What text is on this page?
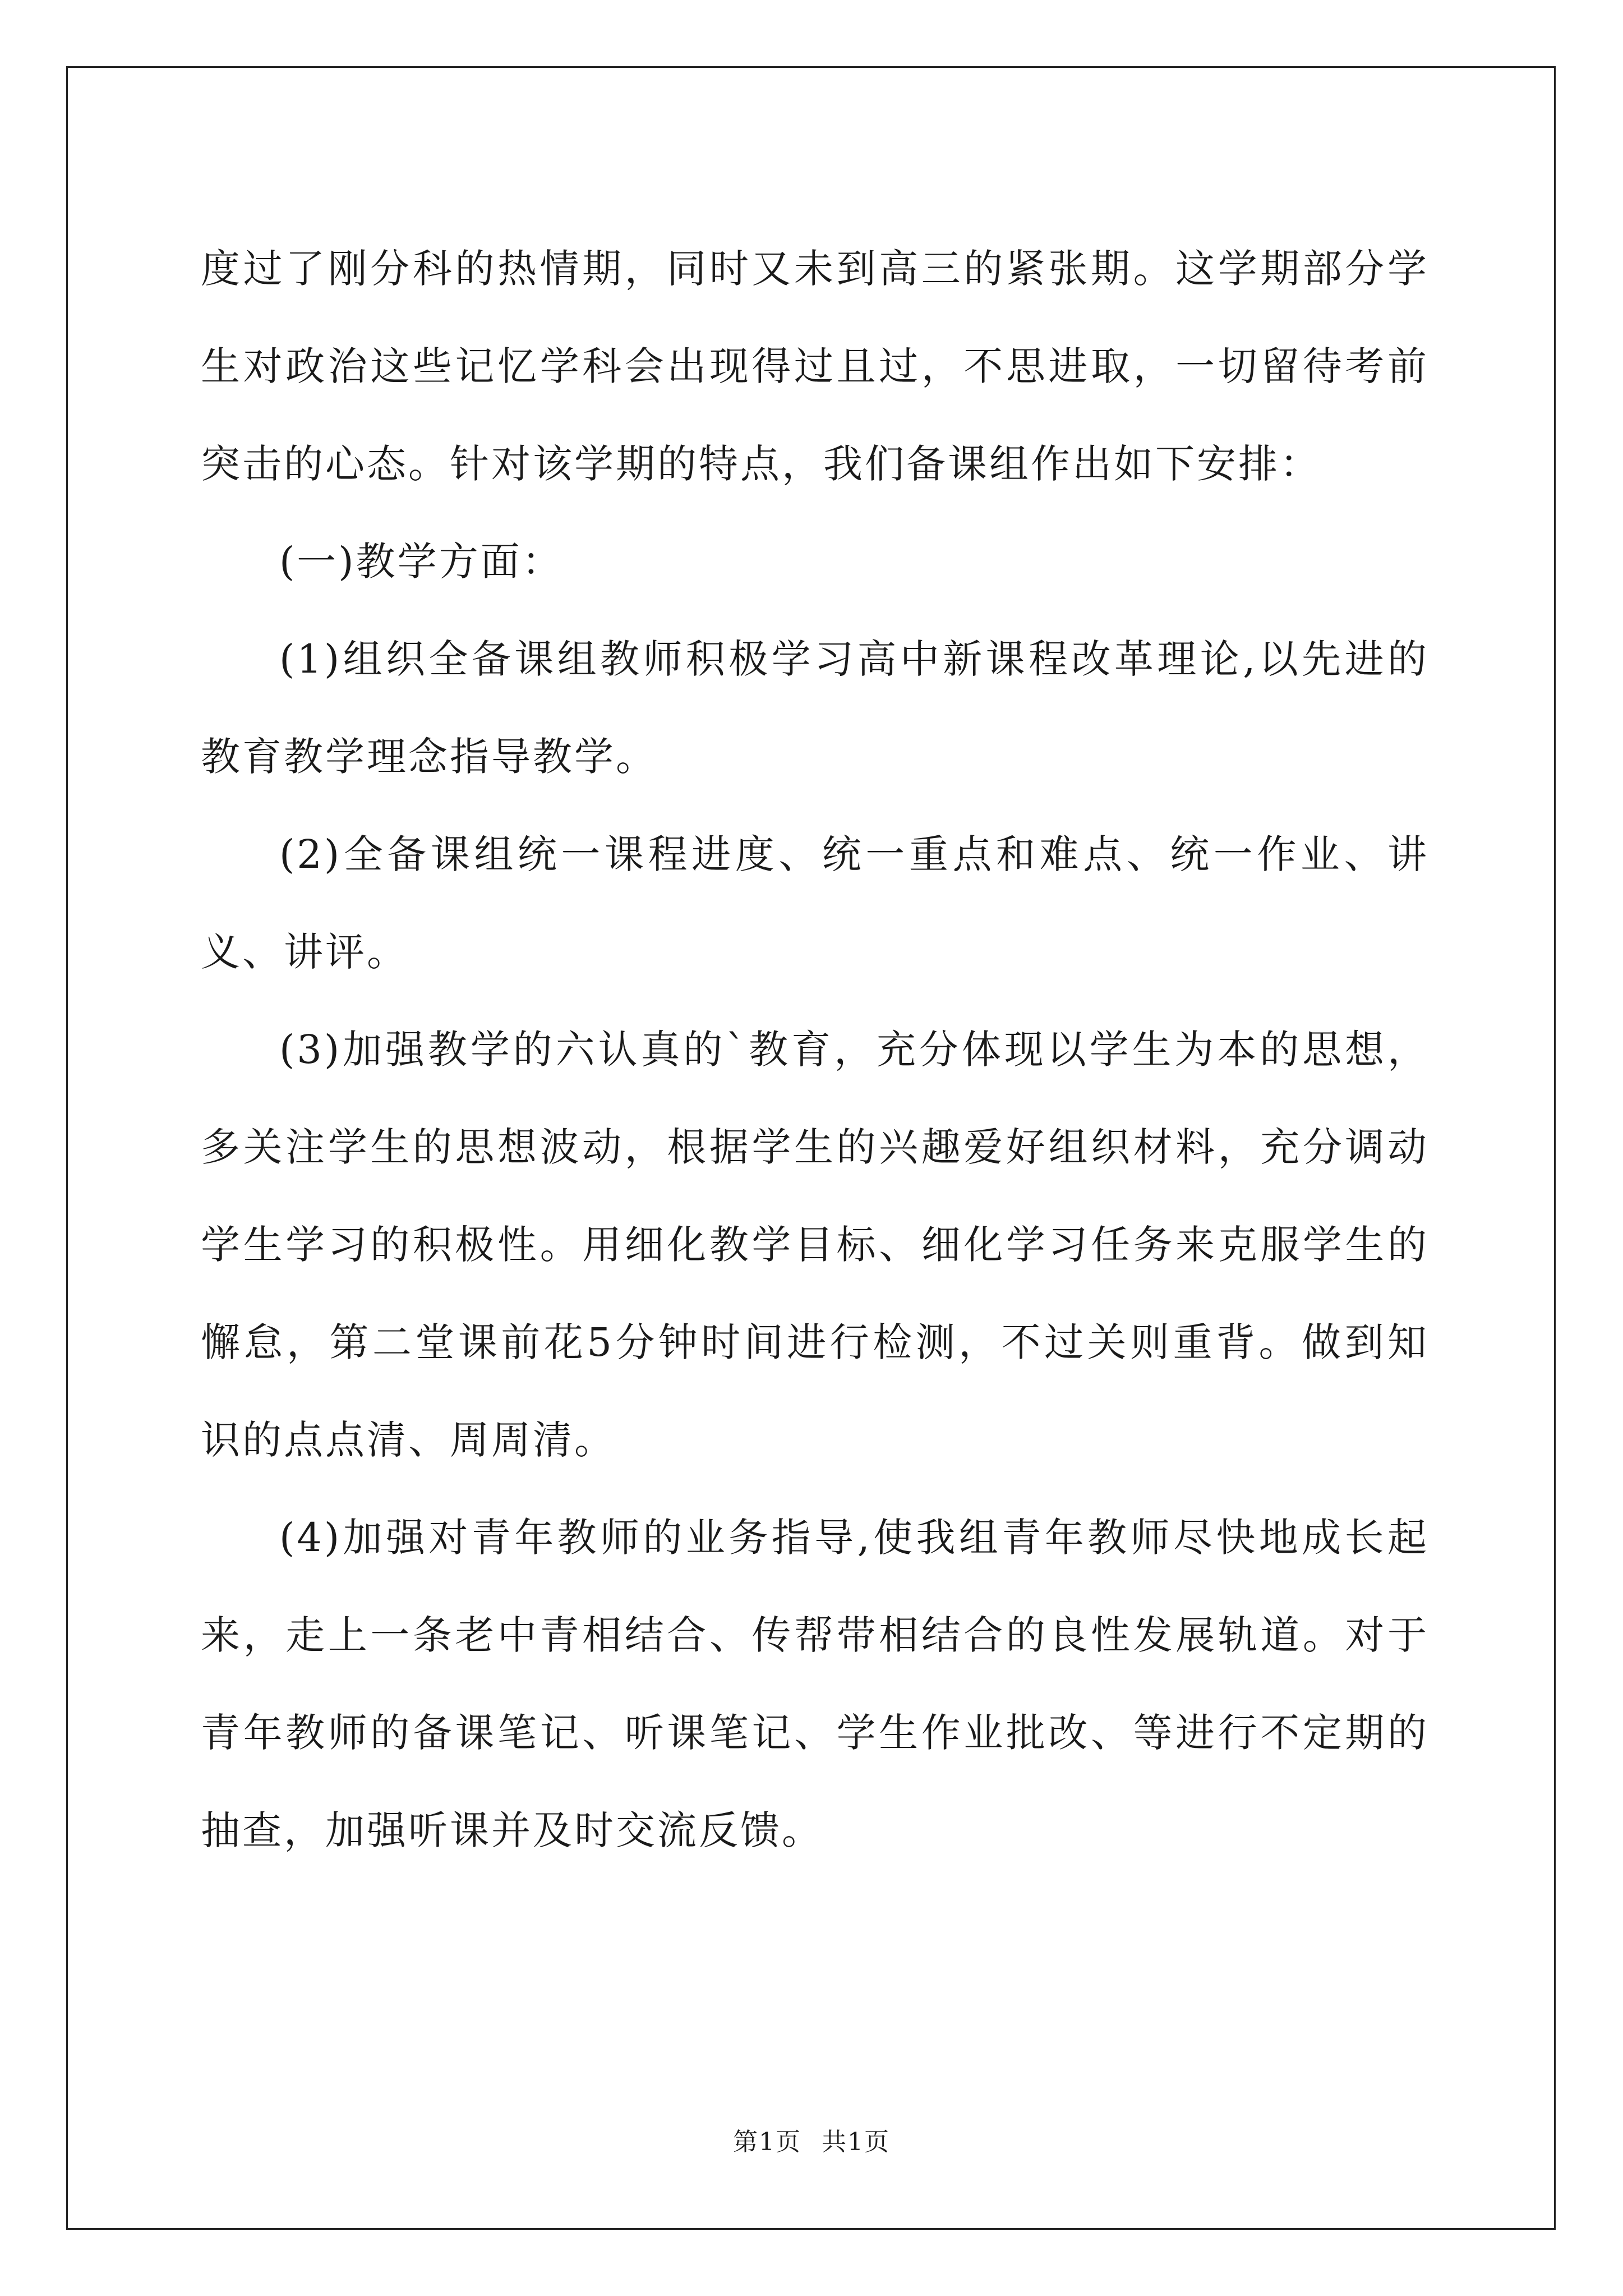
度过了刚分科的热情期，同时又未到高三的紧张期。这学期部分学生对政治这些记忆学科会出现得过且过，不思进取，一切留待考前突击的心态。针对该学期的特点，我们备课组作出如下安排：

(一)教学方面：

(1)组织全备课组教师积极学习高中新课程改革理论,以先进的教育教学理念指导教学。

(2)全备课组统一课程进度、统一重点和难点、统一作业、讲义、讲评。

(3)加强教学的六认真的`教育，充分体现以学生为本的思想，多关注学生的思想波动，根据学生的兴趣爱好组织材料，充分调动学生学习的积极性。用细化教学目标、细化学习任务来克服学生的懈怠，第二堂课前花5分钟时间进行检测，不过关则重背。做到知识的点点清、周周清。

(4)加强对青年教师的业务指导,使我组青年教师尽快地成长起来，走上一条老中青相结合、传帮带相结合的良性发展轨道。对于青年教师的备课笔记、听课笔记、学生作业批改、等进行不定期的抽查，加强听课并及时交流反馈。

第1页 共1页
